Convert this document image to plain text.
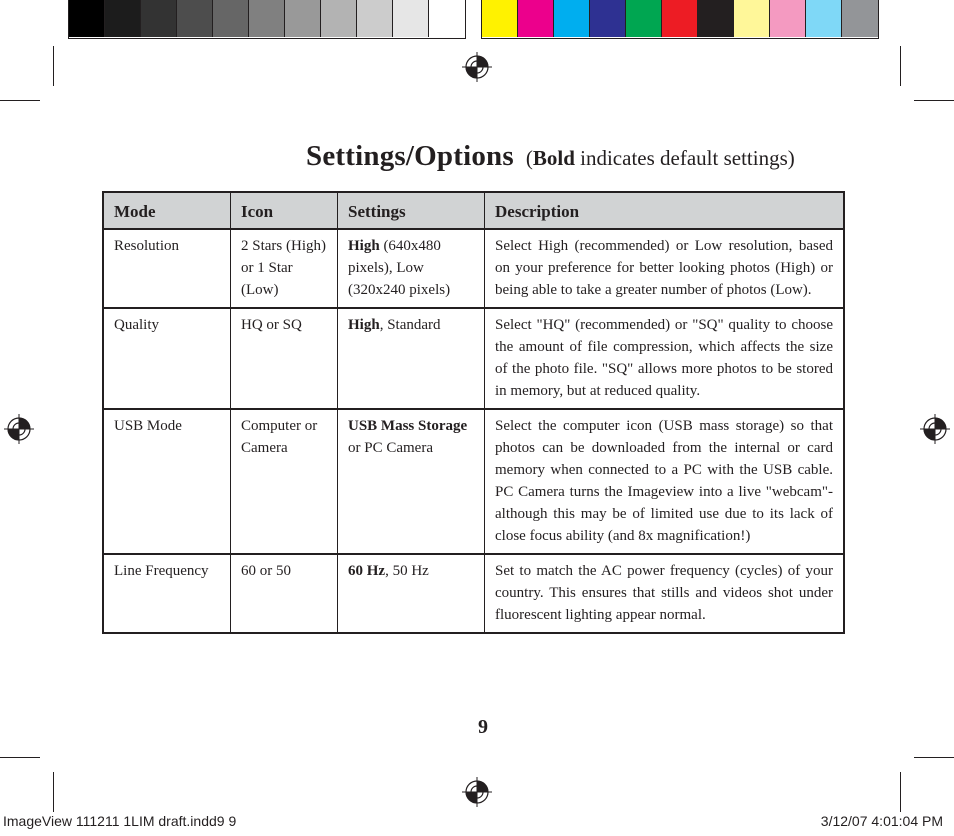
Settings/Options (Bold indicates default settings)
Mode	Icon	Settings	Description
Resolution	2 Stars (High) or 1 Star (Low)	High (640x480 pixels), Low (320x240 pixels)	Select High (recommended) or Low resolution, based on your preference for better looking photos (High) or being able to take a greater number of photos (Low).
Quality	HQ or SQ	High, Standard	Select "HQ" (recommended) or "SQ" quality to choose the amount of file compression, which affects the size of the photo file. "SQ" allows more photos to be stored in memory, but at reduced quality.
USB Mode	Computer or Camera	USB Mass Storage or PC Camera	Select the computer icon (USB mass storage) so that photos can be downloaded from the internal or card memory when connected to a PC with the USB cable. PC Camera turns the Imageview into a live "webcam"-although this may be of limited use due to its lack of close focus ability (and 8x magnification!)
Line Frequency	60 or 50	60 Hz, 50 Hz	Set to match the AC power frequency (cycles) of your country. This ensures that stills and videos shot under fluorescent lighting appear normal.
9
ImageView 111211 1LIM draft.indd9 9	3/12/07 4:01:04 PM
